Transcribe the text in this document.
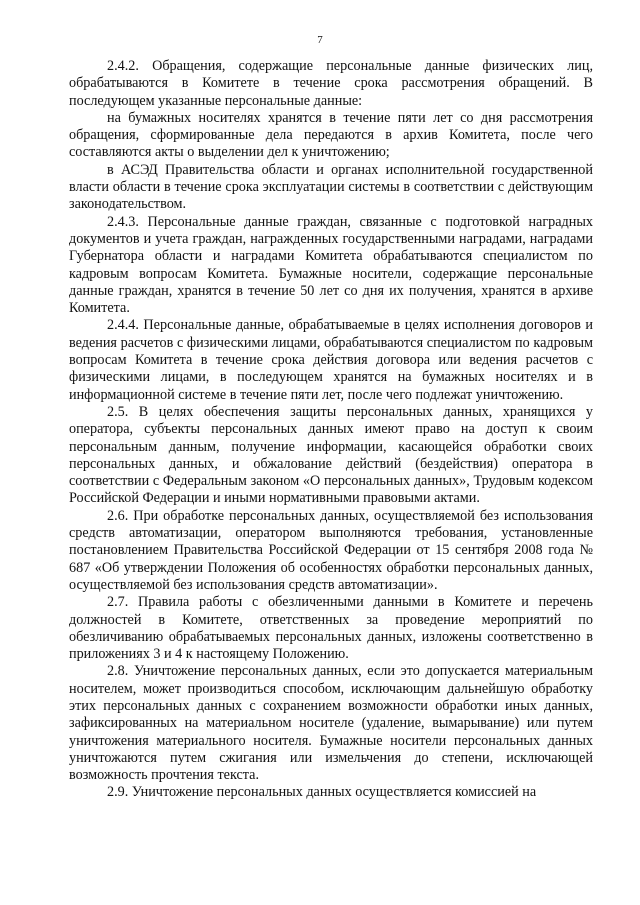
7

2.4.2. Обращения, содержащие персональные данные физических лиц, обрабатываются в Комитете в течение срока рассмотрения обращений. В последующем указанные персональные данные:

на бумажных носителях хранятся в течение пяти лет со дня рассмотрения обращения, сформированные дела передаются в архив Комитета, после чего составляются акты о выделении дел к уничтожению;

в АСЭД Правительства области и органах исполнительной государственной власти области в течение срока эксплуатации системы в соответствии с действующим законодательством.

2.4.3. Персональные данные граждан, связанные с подготовкой наградных документов и учета граждан, награжденных государственными наградами, наградами Губернатора области и наградами Комитета обрабатываются специалистом по кадровым вопросам Комитета. Бумажные носители, содержащие персональные данные граждан, хранятся в течение 50 лет со дня их получения, хранятся в архиве Комитета.

2.4.4. Персональные данные, обрабатываемые в целях исполнения договоров и ведения расчетов с физическими лицами, обрабатываются специалистом по кадровым вопросам Комитета в течение срока действия договора или ведения расчетов с физическими лицами, в последующем хранятся на бумажных носителях и в информационной системе в течение пяти лет, после чего подлежат уничтожению.

2.5. В целях обеспечения защиты персональных данных, хранящихся у оператора, субъекты персональных данных имеют право на доступ к своим персональным данным, получение информации, касающейся обработки своих персональных данных, и обжалование действий (бездействия) оператора в соответствии с Федеральным законом «О персональных данных», Трудовым кодексом Российской Федерации и иными нормативными правовыми актами.

2.6. При обработке персональных данных, осуществляемой без использования средств автоматизации, оператором выполняются требования, установленные постановлением Правительства Российской Федерации от 15 сентября 2008 года № 687 «Об утверждении Положения об особенностях обработки персональных данных, осуществляемой без использования средств автоматизации».

2.7. Правила работы с обезличенными данными в Комитете и перечень должностей в Комитете, ответственных за проведение мероприятий по обезличиванию обрабатываемых персональных данных, изложены соответственно в приложениях 3 и 4 к настоящему Положению.

2.8. Уничтожение персональных данных, если это допускается материальным носителем, может производиться способом, исключающим дальнейшую обработку этих персональных данных с сохранением возможности обработки иных данных, зафиксированных на материальном носителе (удаление, вымарывание) или путем уничтожения материального носителя. Бумажные носители персональных данных уничтожаются путем сжигания или измельчения до степени, исключающей возможность прочтения текста.

2.9. Уничтожение персональных данных осуществляется комиссией на
